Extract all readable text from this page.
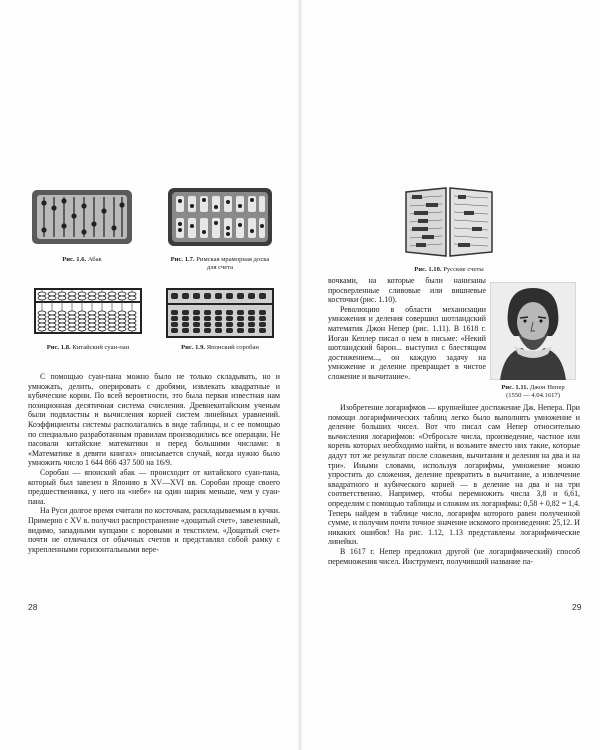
Рис. 1.6. Абак	Рис. 1.7. Римская мраморная доска
для счета
Рис. 1.8. Китайский суан-пан	Рис. 1.9. Японский соробан

С помощью суан-пана можно было не только складывать, но и умножать, делить, оперировать с дробями, извлекать квадратные и кубические корни. По всей вероятности, это была первая известная нам позиционная десятичная система счисления. Древнекитайским ученым были подвластны и вычисления корней систем линейных уравнений. Коэффициенты системы располагались в виде таблицы, и с ее помощью по специально разработанным правилам производились все операции. Не пасовали китайские математики и перед большими числами: в «Математике в девяти книгах» описывается случай, когда нужно было умножить число 1 644 866 437 500 на 16/9.

Соробан — японский абак — происходит от китайского суан-пана, который был завезен в Японию в XV—XVI вв. Соробан проще своего предшественника, у него на «небе» на один шарик меньше, чем у суан-пана.

На Руси долгое время считали по косточкам, раскладываемым в кучки. Примерно с XV в. получил распространение «дощатый счет», завезенный, видимо, западными купцами с воровыми и текстилем. «Дощатый счет» почти не отличался от обычных счетов и представлял собой рамку с укрепленными горизонтальными вере-

28
Рис. 1.10. Русские счеты
Рис. 1.11. Джон Непер
(1550 — 4.04.1617)

вочками, на которые были нанизаны просверленные сливовые или вишневые косточки (рис. 1.10).

Революцию в области механизации умножения и деления совершил шотландский математик Джон Непер (рис. 1.11). В 1618 г. Иоган Кеплер писал о нем в письме: «Некий шотландский барон... выступил с блестящим достижением..., он каждую задачу на умножение и деление превращает в чистое сложение и вычитание».

Изобретение логарифмов — крупнейшее достижение Дж. Непера. При помощи логарифмических таблиц легко было выполнять умножение и деление больших чисел. Вот что писал сам Непер относительно вычисления логарифмов: «Отбросьте числа, произведение, частное или корень которых необходимо найти, и возьмите вместо них такие, которые дадут тот же результат после сложения, вычитания и деления на два и на три». Иными словами, используя логарифмы, умножение можно упростить до сложения, деление превратить в вычитание, а извлечение квадратного и кубического корней — в деление на два и на три соответственно. Например, чтобы перемножить числа 3,8 и 6,61, определим с помощью таблицы и сложим их логарифмы: 0,58 + 0,82 = 1,4. Теперь найдем в таблице число, логарифм которого равен полученной сумме, и получим почти точное значение искомого произведения: 25,12. И никаких ошибок! На рис. 1.12, 1.13 представлены логарифмические линейки.

В 1617 г. Непер предложил другой (не логарифмический) способ перемножения чисел. Инструмент, получивший название па-

29
